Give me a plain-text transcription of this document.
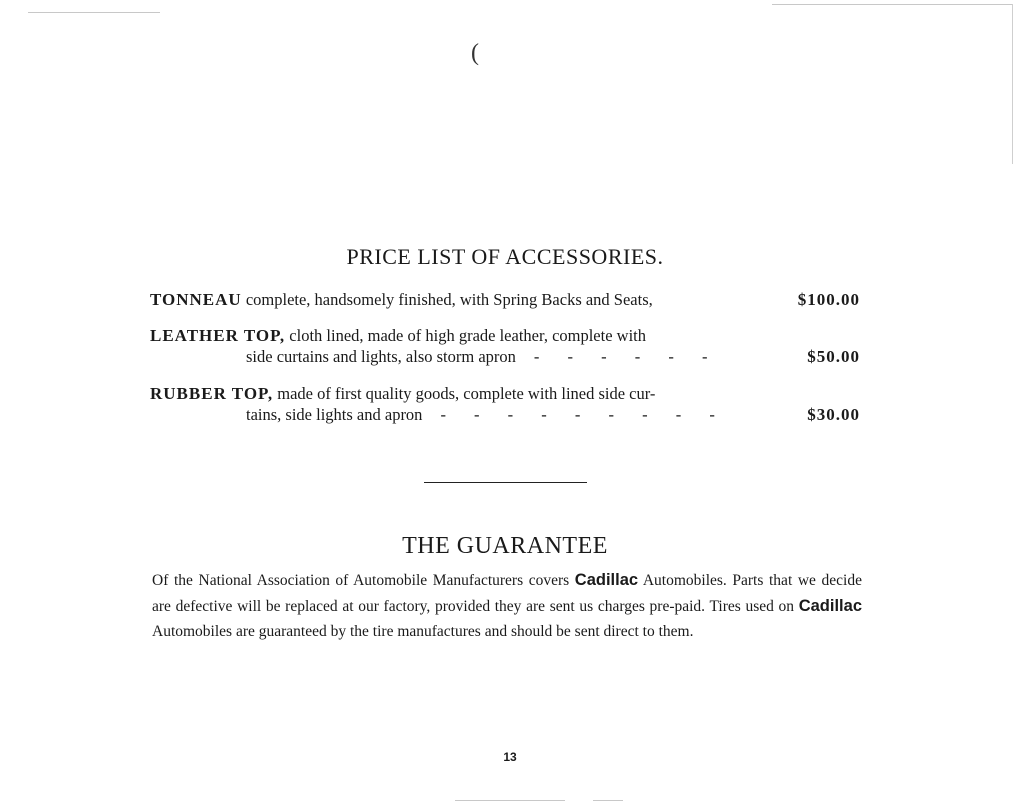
(
PRICE LIST OF ACCESSORIES.
TONNEAU complete, handsomely finished, with Spring Backs and Seats,	$100.00
LEATHER TOP, cloth lined, made of high grade leather, complete with
side curtains and lights, also storm apron - - - - - -	$50.00
RUBBER TOP, made of first quality goods, complete with lined side cur-
tains, side lights and apron - - - - - - - - -	$30.00
THE GUARANTEE
Of the National Association of Automobile Manufacturers covers Cadillac Automobiles. Parts that we decide are defective will be replaced at our factory, provided they are sent us charges pre-paid. Tires used on Cadillac Automobiles are guaranteed by the tire manufactures and should be sent direct to them.
13
